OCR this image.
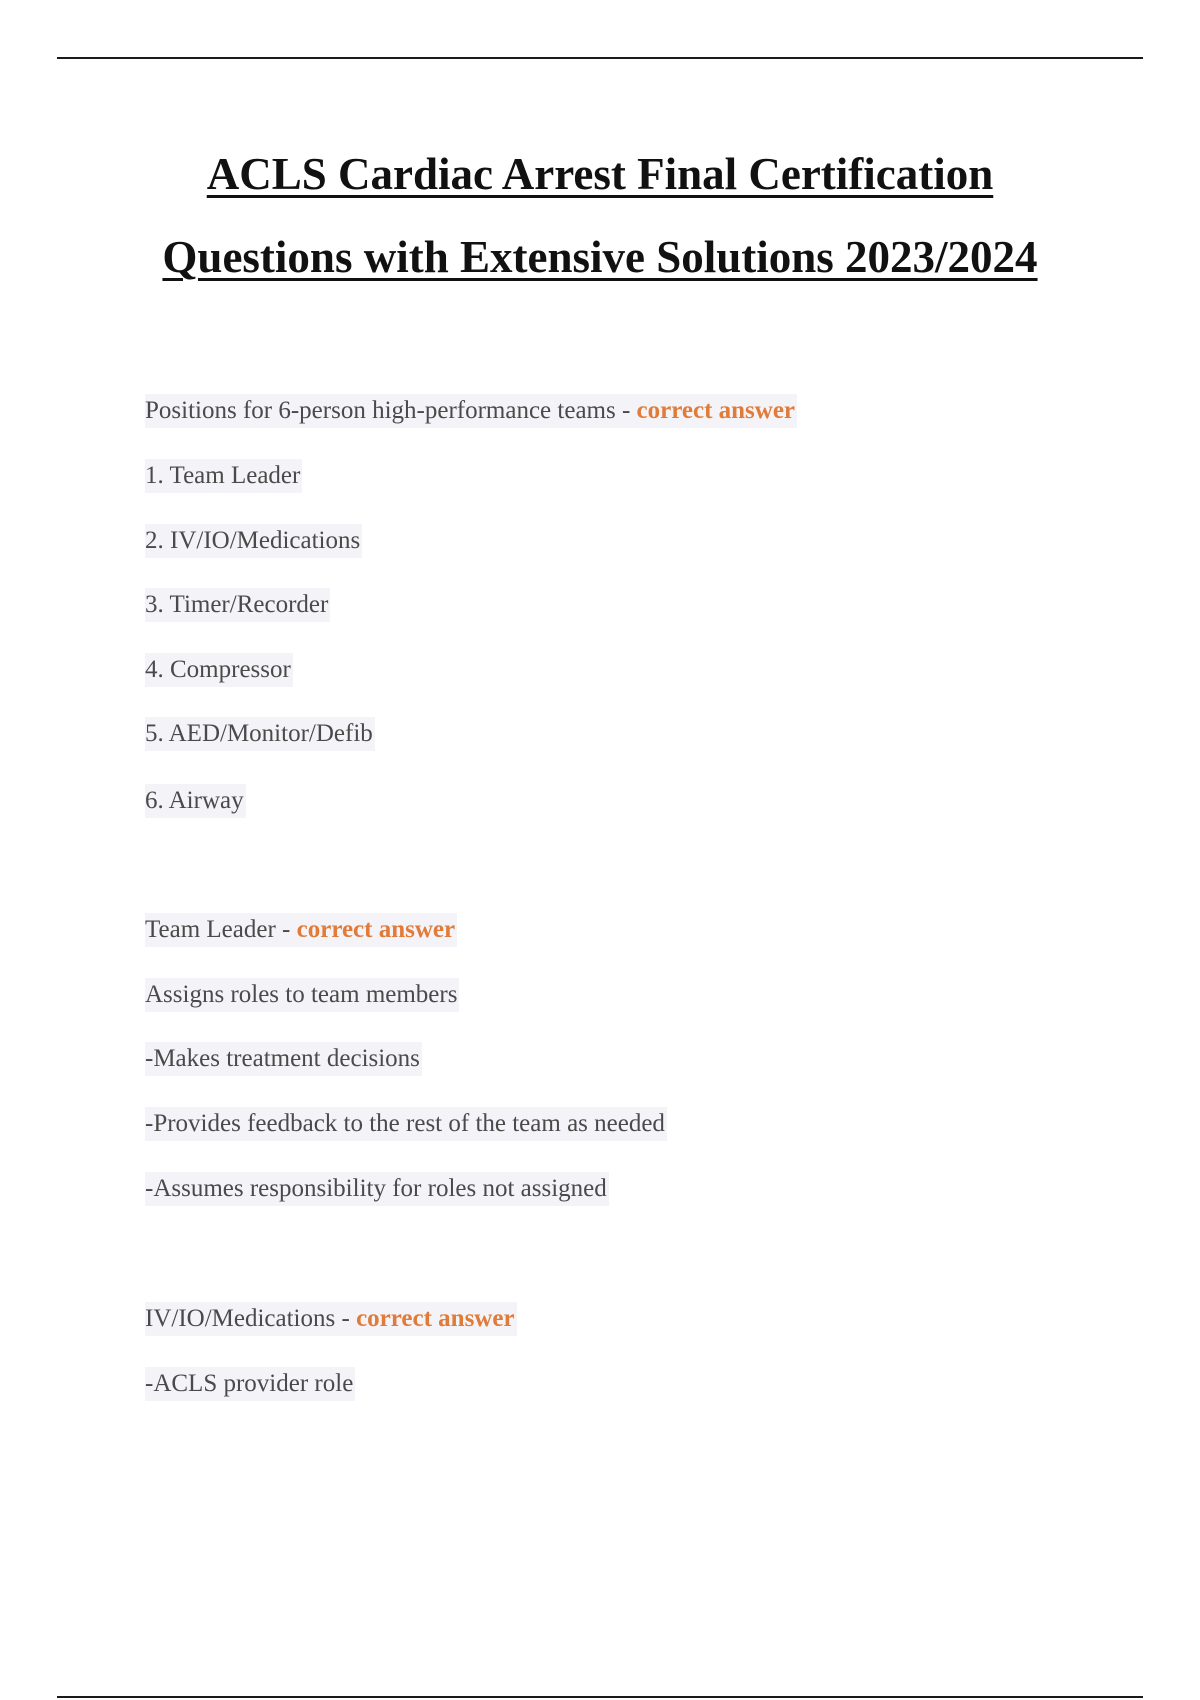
ACLS Cardiac Arrest Final Certification
Questions with Extensive Solutions 2023/2024
Positions for 6-person high-performance teams - correct answer
1. Team Leader
2. IV/IO/Medications
3. Timer/Recorder
4. Compressor
5. AED/Monitor/Defib
6. Airway
Team Leader - correct answer
Assigns roles to team members
-Makes treatment decisions
-Provides feedback to the rest of the team as needed
-Assumes responsibility for roles not assigned
IV/IO/Medications - correct answer
-ACLS provider role
